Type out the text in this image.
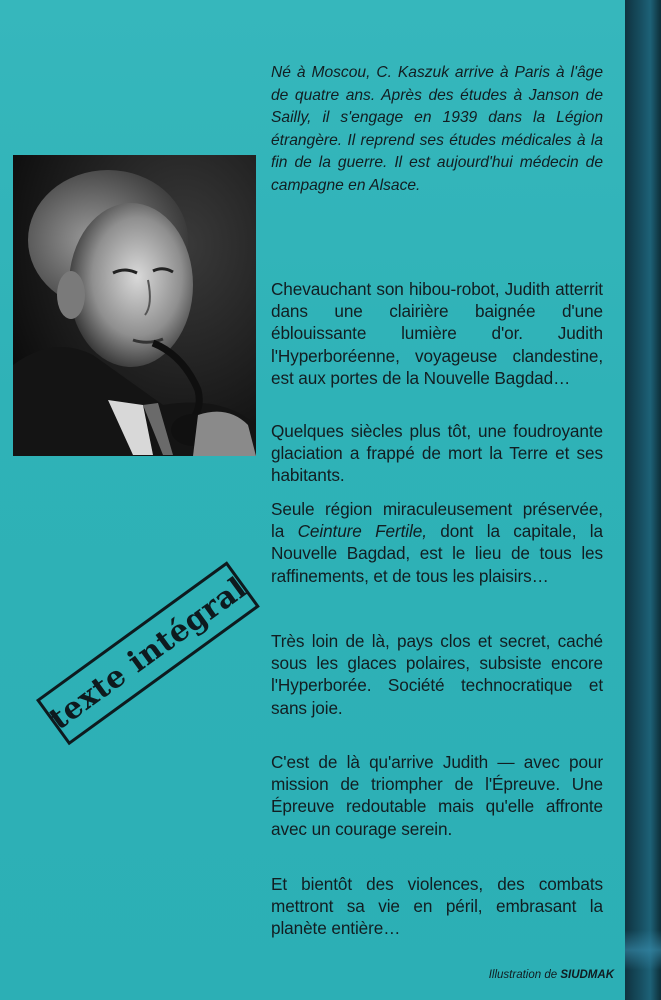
Né à Moscou, C. Kaszuk arrive à Paris à l'âge de quatre ans. Après des études à Janson de Sailly, il s'engage en 1939 dans la Légion étrangère. Il reprend ses études médicales à la fin de la guerre. Il est aujourd'hui médecin de campagne en Alsace.

Chevauchant son hibou-robot, Judith atterrit dans une clairière baignée d'une éblouissante lumière d'or. Judith l'Hyperboréenne, voyageuse clandestine, est aux portes de la Nouvelle Bagdad…

Quelques siècles plus tôt, une foudroyante glaciation a frappé de mort la Terre et ses habitants.

Seule région miraculeusement préservée, la Ceinture Fertile, dont la capitale, la Nouvelle Bagdad, est le lieu de tous les raffinements, et de tous les plaisirs…

Très loin de là, pays clos et secret, caché sous les glaces polaires, subsiste encore l'Hyperborée. Société technocratique et sans joie.

C'est de là qu'arrive Judith — avec pour mission de triompher de l'Épreuve. Une Épreuve redoutable mais qu'elle affronte avec un courage serein.

Et bientôt des violences, des combats mettront sa vie en péril, embrasant la planète entière…

texte intégral
Illustration de SIUDMAK
